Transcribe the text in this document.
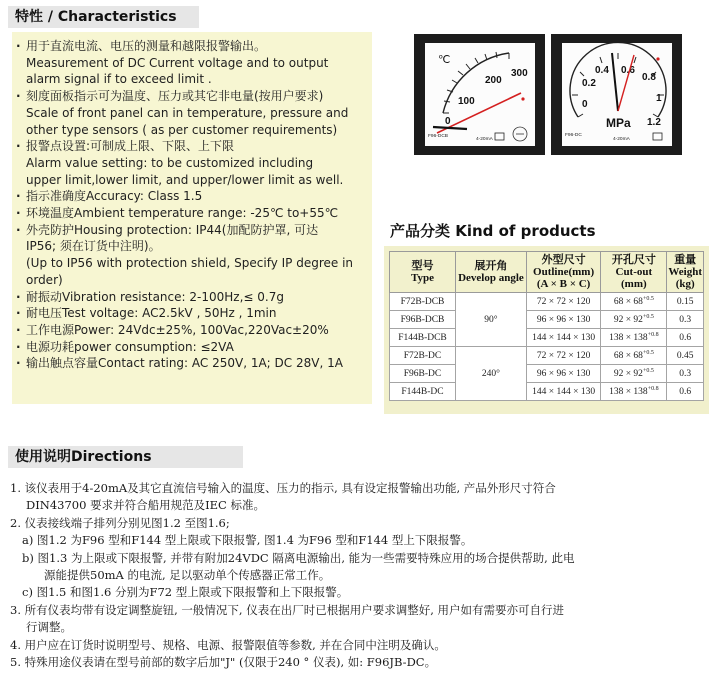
特性 / Characteristics
· 用于直流电流、电压的测量和越限报警输出。
Measurement of DC Current voltage and to output
alarm signal if to exceed limit .
· 刻度面板指示可为温度、压力或其它非电量(按用户要求)
Scale of front panel can in temperature, pressure and
other type sensors ( as per customer requirements)
· 报警点设置:可制成上限、下限、上下限
Alarm value setting: to be customized including
upper limit,lower limit, and upper/lower limit as well.
· 指示准确度Accuracy: Class 1.5
· 环境温度Ambient temperature range: -25℃ to+55℃
· 外壳防护Housing protection: IP44(加配防护罩, 可达
IP56; 须在订货中注明)。
(Up to IP56 with protection shield, Specify IP degree in
order)
· 耐振动Vibration resistance: 2-100Hz,≤ 0.7g
· 耐电压Test voltage: AC2.5kV , 50Hz , 1min
· 工作电源Power: 24Vdc±25%, 100Vac,220Vac±20%
· 电源功耗power consumption: ≤2VA
· 输出触点容量Contact rating: AC 250V, 1A; DC 28V, 1A
℃
0
100
200
300
F96-DCB
4-20mA
0
0.2
0.4 0.6
0.8
1
1.2
MPa
F96-DC
4-20mA
产品分类 Kind of products
型号
Type	展开角
Develop angle	外型尺寸
Outline(mm)
(A × B × C)	开孔尺寸
Cut-out
(mm)	重量
Weight
(kg)
F72B-DCB	90°	72 × 72 × 120	$68 \times 68^{+0.5}$	0.15
F96B-DCB		96 × 96 × 130	$92 \times 92^{+0.5}$	0.3
F144B-DCB		144 × 144 × 130	$138 \times 138^{+0.8}$	0.6
F72B-DC	240°	72 × 72 × 120	$68 \times 68^{+0.5}$	0.45
F96B-DC		96 × 96 × 130	$92 \times 92^{+0.5}$	0.3
F144B-DC		144 × 144 × 130	$138 \times 138^{+0.8}$	0.6
使用说明Directions

1. 该仪表用于4-20mA及其它直流信号输入的温度、压力的指示, 具有设定报警输出功能, 产品外形尺寸符合

DIN43700 要求并符合船用规范及IEC 标准。

2. 仪表接线端子排列分别见图1.2 至图1.6;

a) 图1.2 为F96 型和F144 型上限或下限报警, 图1.4 为F96 型和F144 型上下限报警。

b) 图1.3 为上限或下限报警, 并带有附加24VDC 隔离电源输出, 能为一些需要特殊应用的场合提供帮助, 此电

源能提供50mA 的电流, 足以驱动单个传感器正常工作。

c) 图1.5 和图1.6 分别为F72 型上限或下限报警和上下限报警。

3. 所有仪表均带有设定调整旋钮, 一般情况下, 仪表在出厂时已根据用户要求调整好, 用户如有需要亦可自行进

行调整。

4. 用户应在订货时说明型号、规格、电源、报警限值等参数, 并在合同中注明及确认。

5. 特殊用途仪表请在型号前部的数字后加"J" (仅限于240 ° 仪表), 如: F96JB-DC。
